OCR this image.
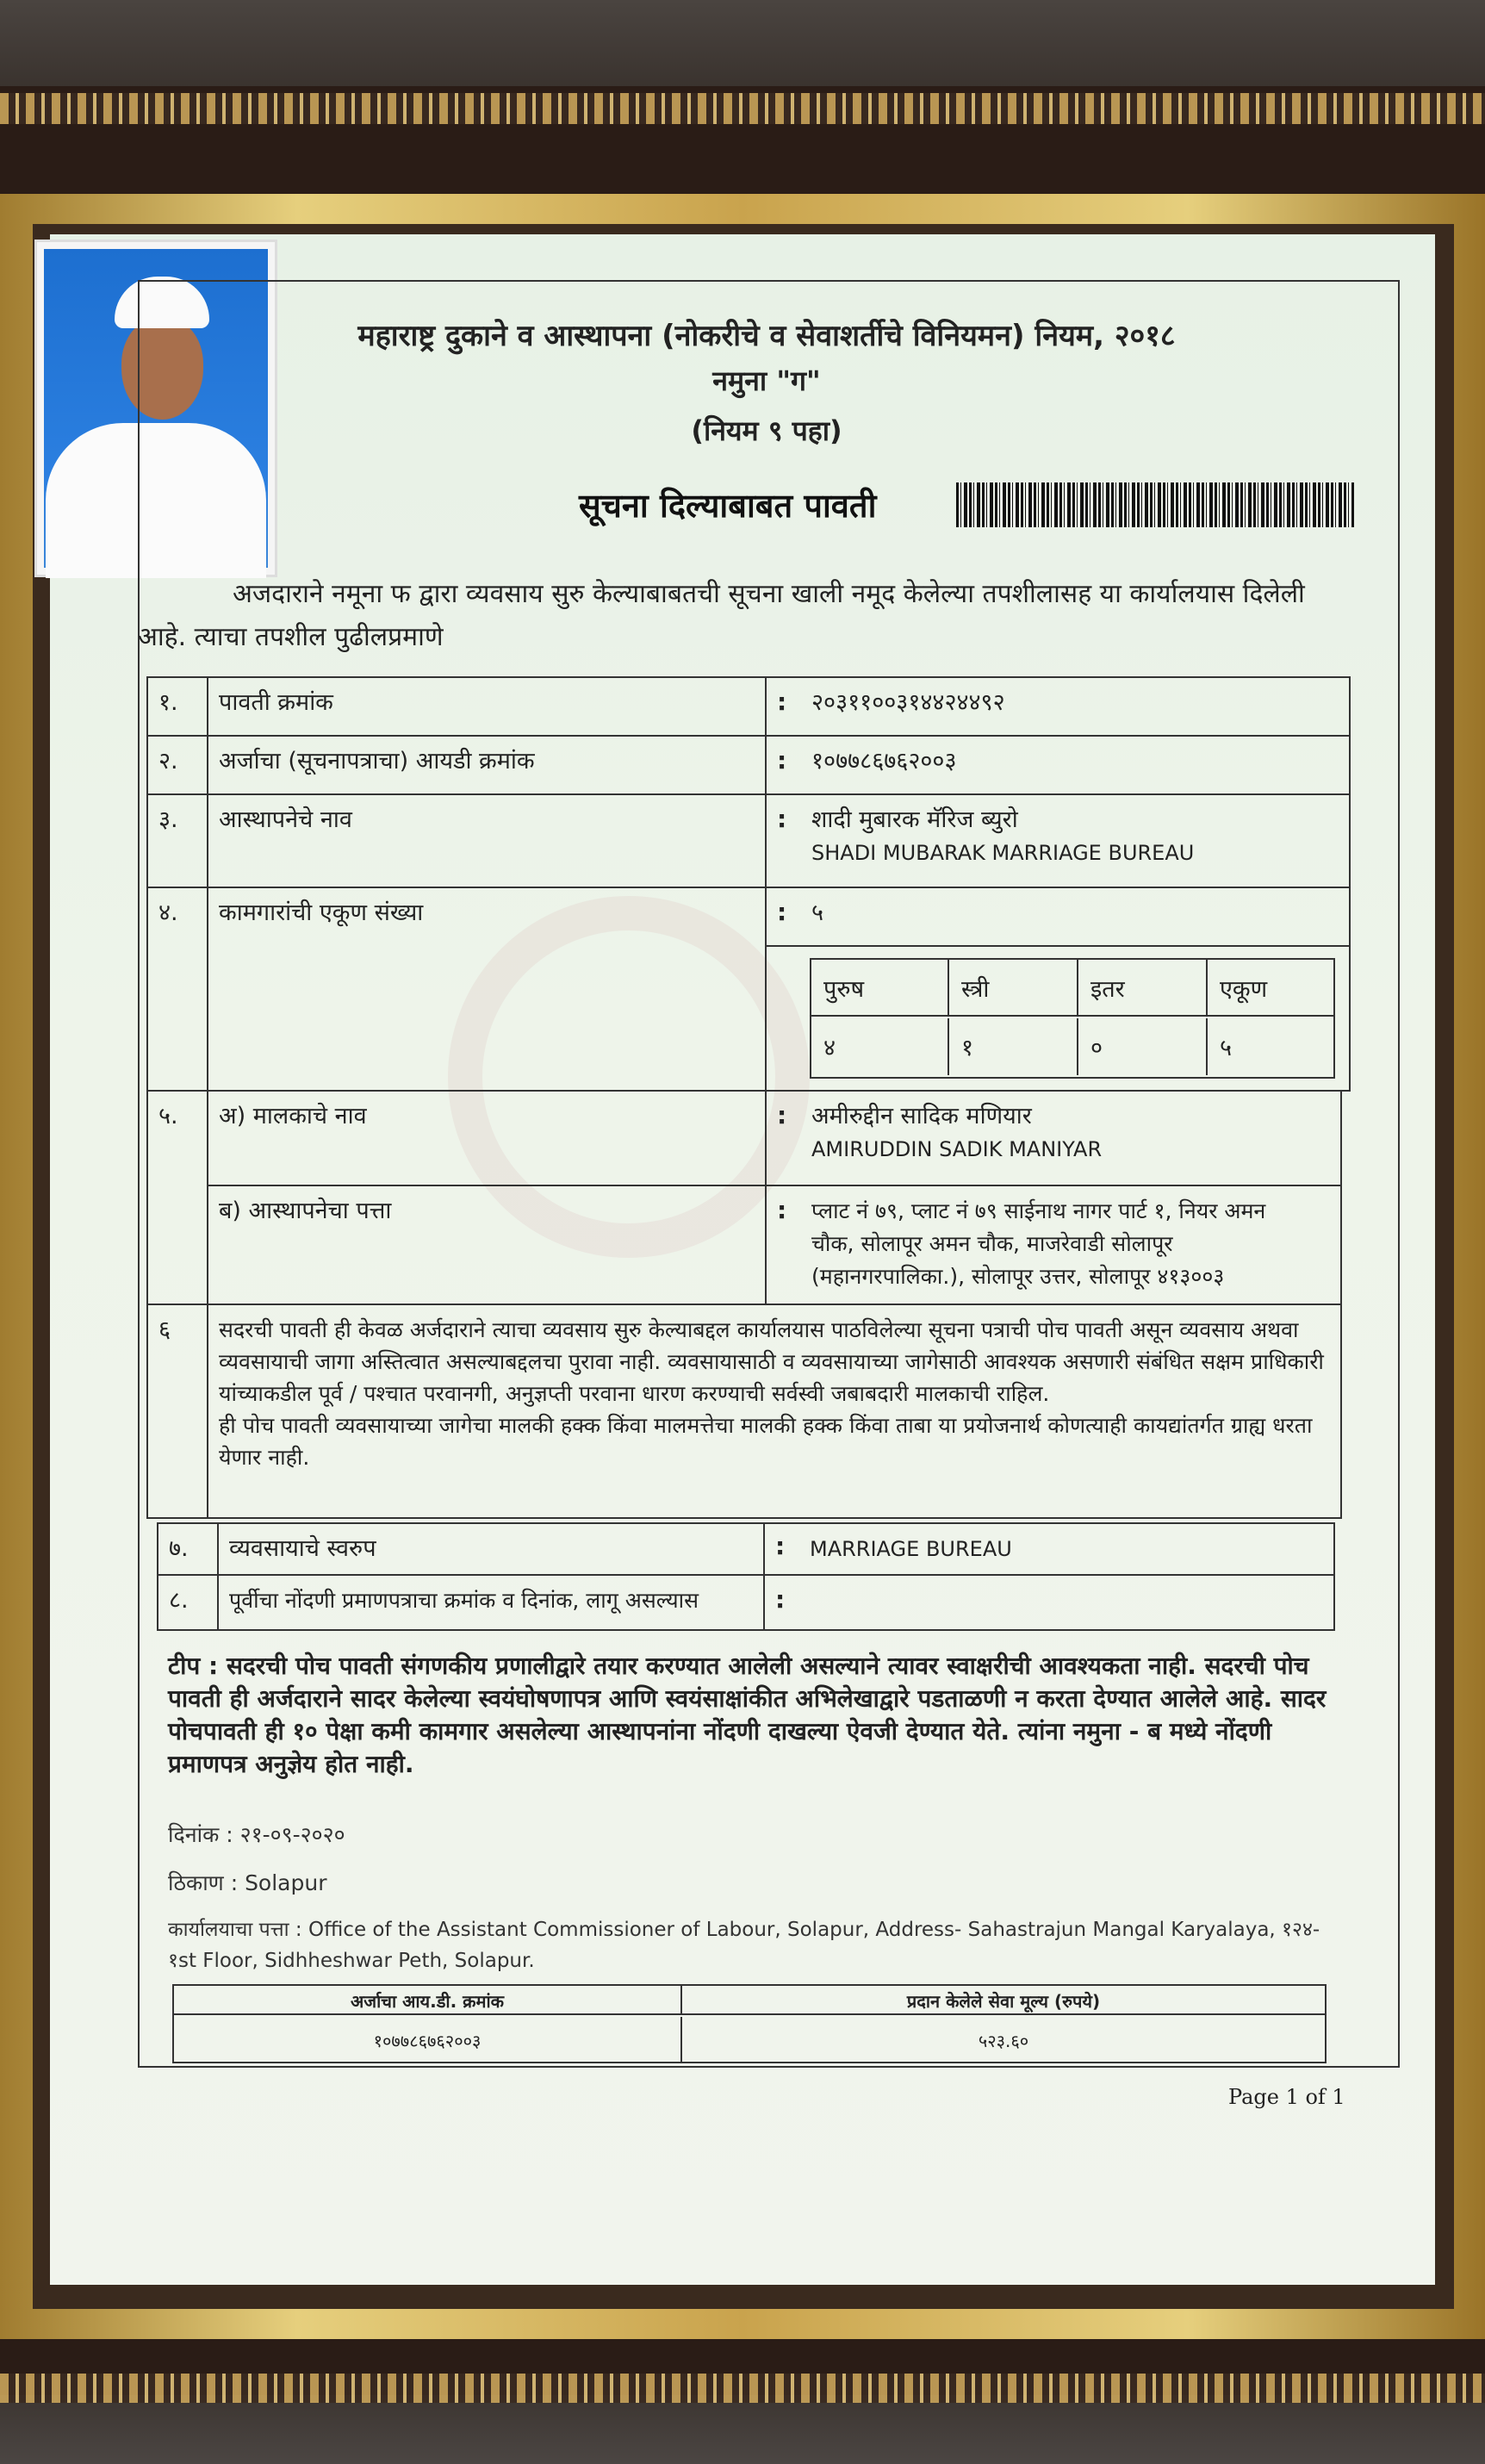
महाराष्ट्र दुकाने व आस्थापना (नोकरीचे व सेवाशर्तीचे विनियमन) नियम, २०१८
नमुना "ग"
(नियम ९ पहा)
सूचना दिल्याबाबत पावती
अजदाराने नमूना फ द्वारा व्यवसाय सुरु केल्याबाबतची सूचना खाली नमूद केलेल्या तपशीलासह या कार्यालयास दिलेली आहे. त्याचा तपशील पुढीलप्रमाणे
१.	पावती क्रमांक	:	२०३११००३१४४२४४९२
२.	अर्जाचा (सूचनापत्राचा) आयडी क्रमांक	:	१०७७८६७६२००३
३.	आस्थापनेचे नाव	: शादी मुबारक मॅरिज ब्युरो
SHADI MUBARAK MARRIAGE BUREAU
४.	कामगारांची एकूण संख्या	:	५
पुरुष	स्त्री	इतर	एकूण
४	१	०	५
५.	अ) मालकाचे नाव	: अमीरुद्दीन सादिक मणियार
AMIRUDDIN SADIK MANIYAR
ब) आस्थापनेचा पत्ता	: प्लाट नं ७९, प्लाट नं ७९ साईनाथ नागर पार्ट १, नियर अमन
चौक, सोलापूर अमन चौक, माजरेवाडी सोलापूर
(महानगरपालिका.), सोलापूर उत्तर, सोलापूर ४१३००३
६	सदरची पावती ही केवळ अर्जदाराने त्याचा व्यवसाय सुरु केल्याबद्दल कार्यालयास पाठविलेल्या सूचना पत्राची पोच पावती असून व्यवसाय अथवा व्यवसायाची जागा अस्तित्वात असल्याबद्दलचा पुरावा नाही. व्यवसायासाठी व व्यवसायाच्या जागेसाठी आवश्यक असणारी संबंधित सक्षम प्राधिकारी यांच्याकडील पूर्व / पश्चात परवानगी, अनुज्ञप्ती परवाना धारण करण्याची सर्वस्वी जबाबदारी मालकाची राहिल.
ही पोच पावती व्यवसायाच्या जागेचा मालकी हक्क किंवा मालमत्तेचा मालकी हक्क किंवा ताबा या प्रयोजनार्थ कोणत्याही कायद्यांतर्गत ग्राह्य धरता येणार नाही.
७.	व्यवसायाचे स्वरुप	:	MARRIAGE BUREAU
८.	पूर्वीचा नोंदणी प्रमाणपत्राचा क्रमांक व दिनांक, लागू असल्यास	:
टीप : सदरची पोच पावती संगणकीय प्रणालीद्वारे तयार करण्यात आलेली असल्याने त्यावर स्वाक्षरीची आवश्यकता नाही. सदरची पोच पावती ही अर्जदाराने सादर केलेल्या स्वयंघोषणापत्र आणि स्वयंसाक्षांकीत अभिलेखाद्वारे पडताळणी न करता देण्यात आलेले आहे. सादर पोचपावती ही १० पेक्षा कमी कामगार असलेल्या आस्थापनांना नोंदणी दाखल्या ऐवजी देण्यात येते. त्यांना नमुना - ब मध्ये नोंदणी प्रमाणपत्र अनुज्ञेय होत नाही.
दिनांक : २१-०९-२०२०
ठिकाण : Solapur
कार्यालयाचा पत्ता : Office of the Assistant Commissioner of Labour, Solapur, Address- Sahastrajun Mangal Karyalaya, १२४- १st Floor, Sidhheshwar Peth, Solapur.
अर्जाचा आय.डी. क्रमांक	प्रदान केलेले सेवा मूल्य (रुपये)
१०७७८६७६२००३	५२३.६०
Page 1 of 1
